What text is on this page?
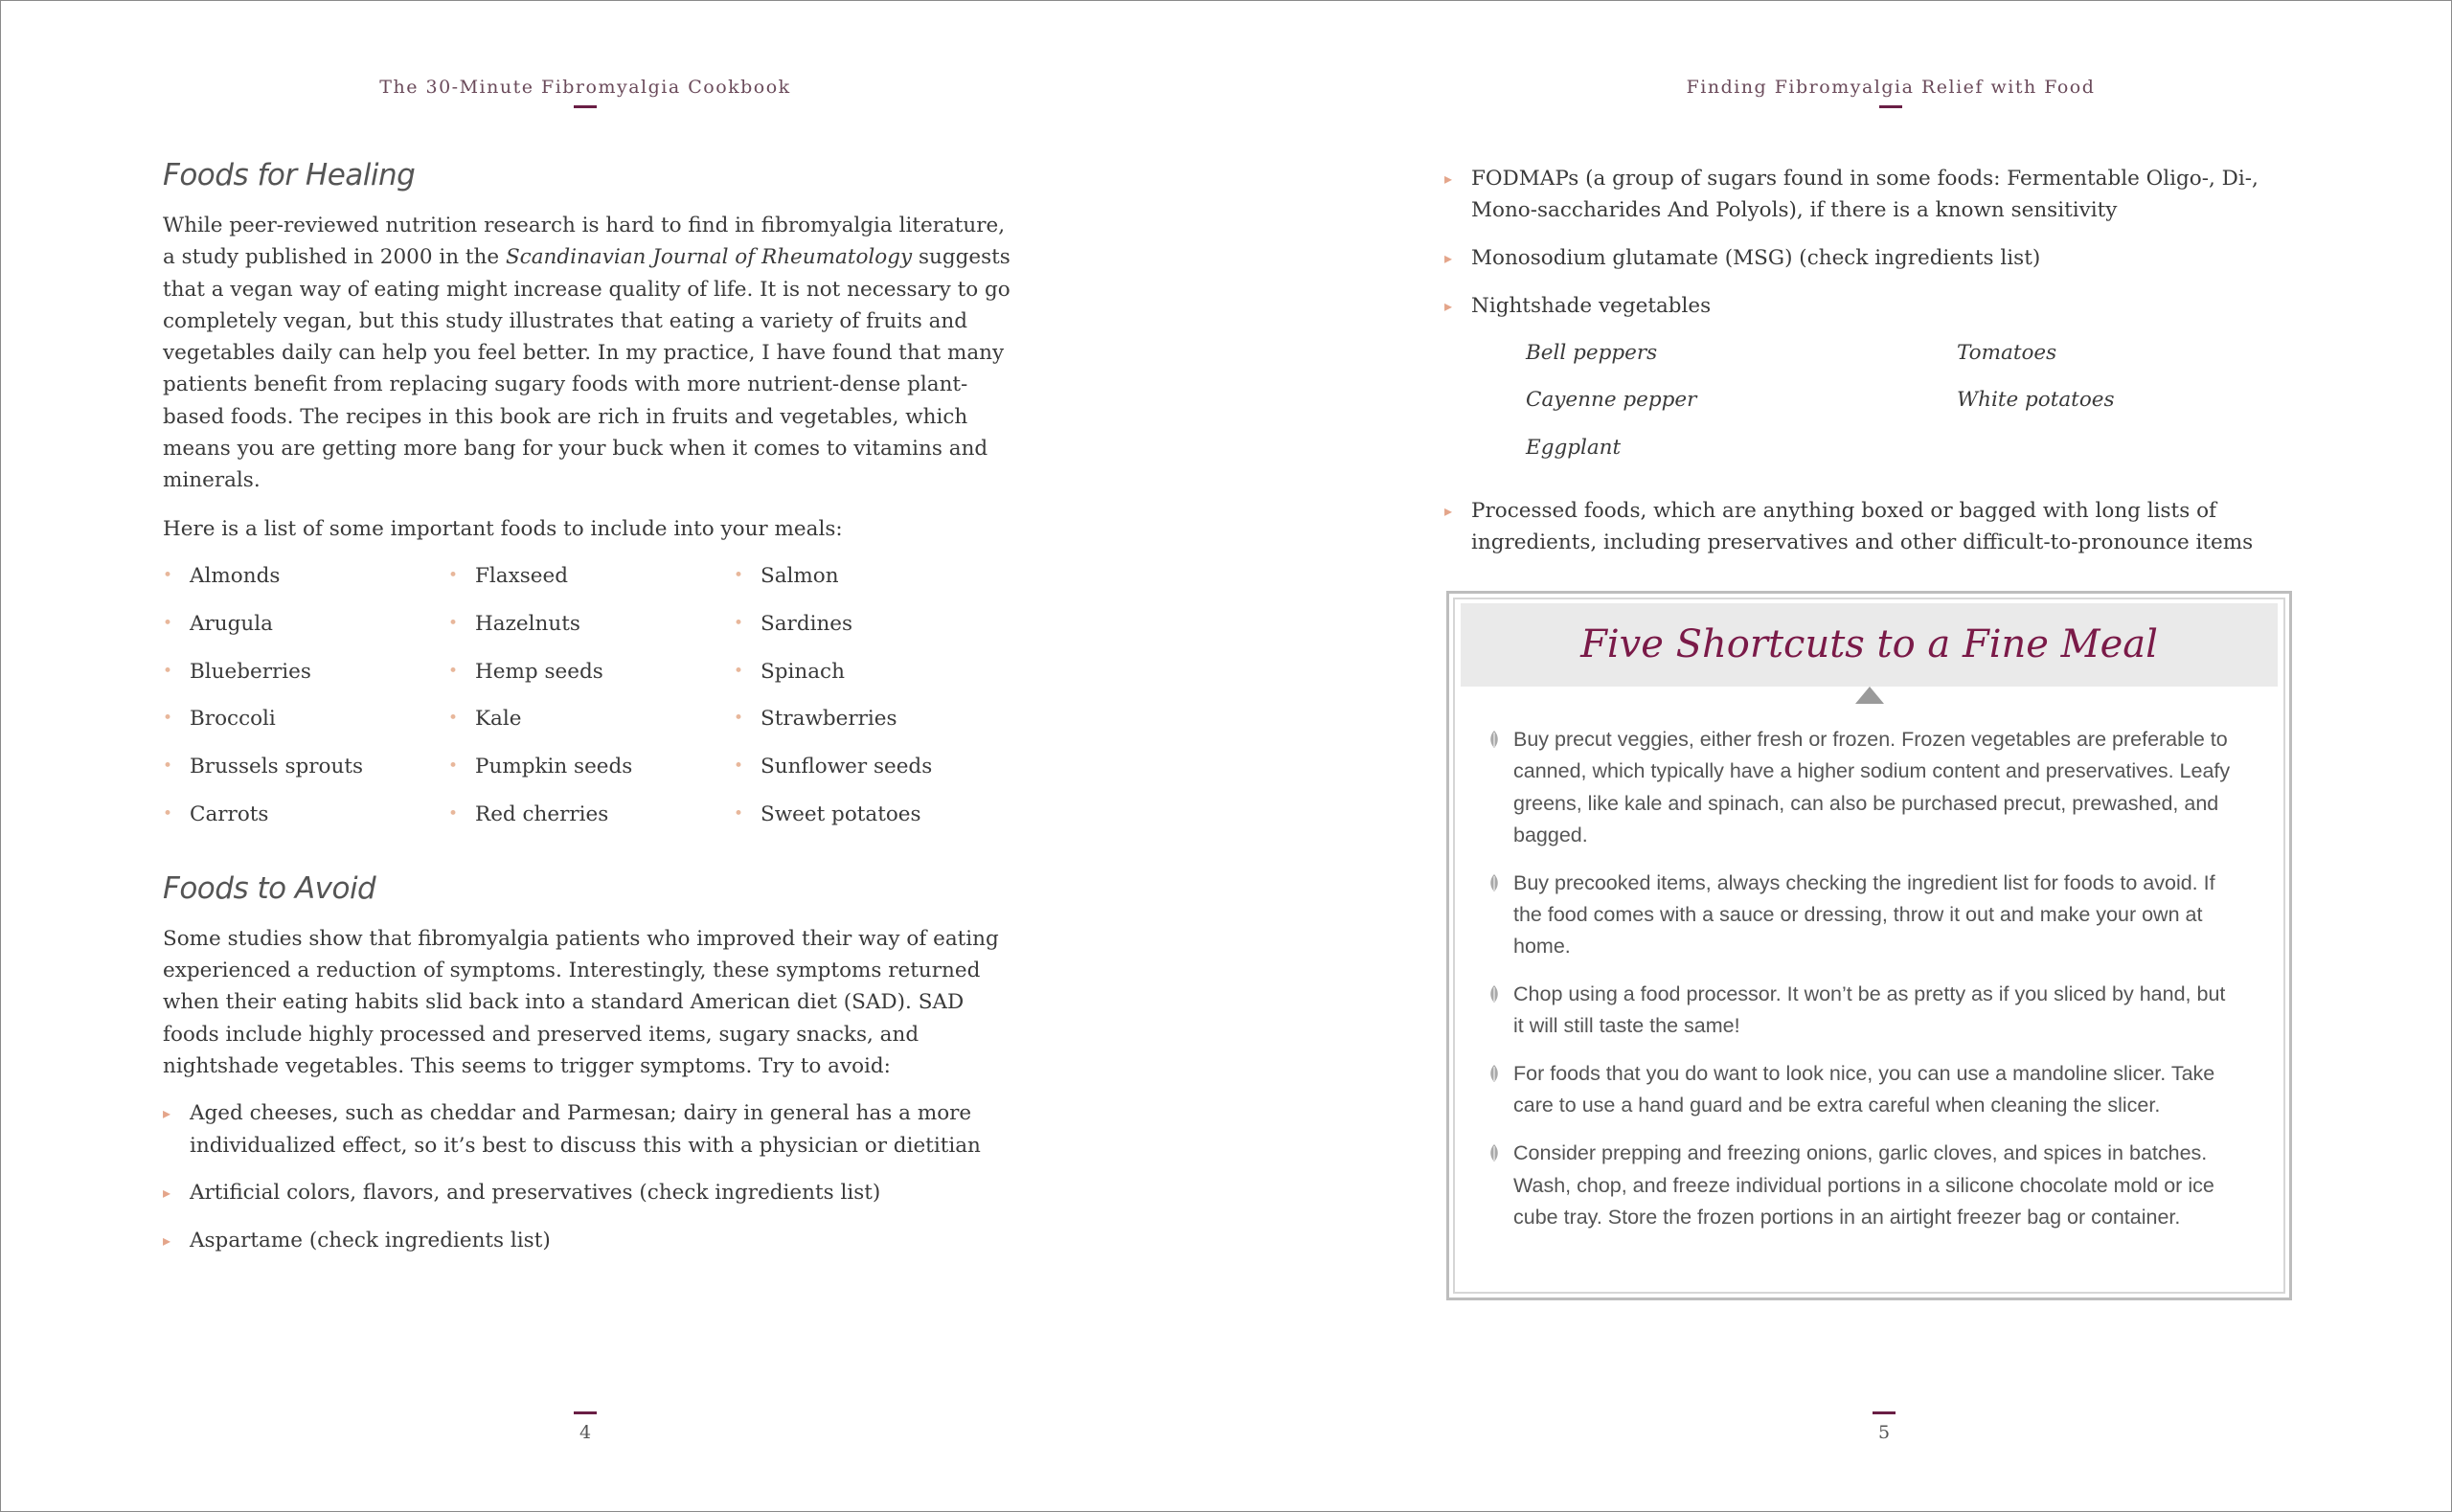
The 30-Minute Fibromyalgia Cookbook
Foods for Healing

While peer-reviewed nutrition research is hard to find in fibromyalgia literature, a study published in 2000 in the Scandinavian Journal of Rheumatology suggests that a vegan way of eating might increase quality of life. It is not necessary to go completely vegan, but this study illustrates that eating a variety of fruits and vegetables daily can help you feel better. In my practice, I have found that many patients benefit from replacing sugary foods with more nutrient-dense plant-based foods. The recipes in this book are rich in fruits and vegetables, which means you are getting more bang for your buck when it comes to vitamins and minerals.

Here is a list of some important foods to include into your meals:

• Almonds	• Flaxseed	• Salmon
• Arugula	• Hazelnuts	• Sardines
• Blueberries	• Hemp seeds	• Spinach
• Broccoli	• Kale	• Strawberries
• Brussels sprouts	• Pumpkin seeds	• Sunflower seeds
• Carrots	• Red cherries	• Sweet potatoes
Foods to Avoid

Some studies show that fibromyalgia patients who improved their way of eating experienced a reduction of symptoms. Interestingly, these symptoms returned when their eating habits slid back into a standard American diet (SAD). SAD foods include highly processed and preserved items, sugary snacks, and nightshade vegetables. This seems to trigger symptoms. Try to avoid:

▸ Aged cheeses, such as cheddar and Parmesan; dairy in general has a more individualized effect, so it’s best to discuss this with a physician or dietitian
▸ Artificial colors, flavors, and preservatives (check ingredients list)
▸ Aspartame (check ingredients list)
4
Finding Fibromyalgia Relief with Food
▸ FODMAPs (a group of sugars found in some foods: Fermentable Oligo-, Di-, Mono-saccharides And Polyols), if there is a known sensitivity
▸ Monosodium glutamate (MSG) (check ingredients list)
▸ Nightshade vegetables
Bell peppers	Tomatoes
Cayenne pepper	White potatoes
Eggplant
▸ Processed foods, which are anything boxed or bagged with long lists of ingredients, including preservatives and other difficult-to-pronounce items
5
Five Shortcuts to a Fine Meal
Buy precut veggies, either fresh or frozen. Frozen vegetables are preferable to canned, which typically have a higher sodium content and preservatives. Leafy greens, like kale and spinach, can also be purchased precut, prewashed, and bagged.
Buy precooked items, always checking the ingredient list for foods to avoid. If the food comes with a sauce or dressing, throw it out and make your own at home.
Chop using a food processor. It won’t be as pretty as if you sliced by hand, but it will still taste the same!
For foods that you do want to look nice, you can use a mandoline slicer. Take care to use a hand guard and be extra careful when cleaning the slicer.
Consider prepping and freezing onions, garlic cloves, and spices in batches. Wash, chop, and freeze individual portions in a silicone chocolate mold or ice cube tray. Store the frozen portions in an airtight freezer bag or container.
